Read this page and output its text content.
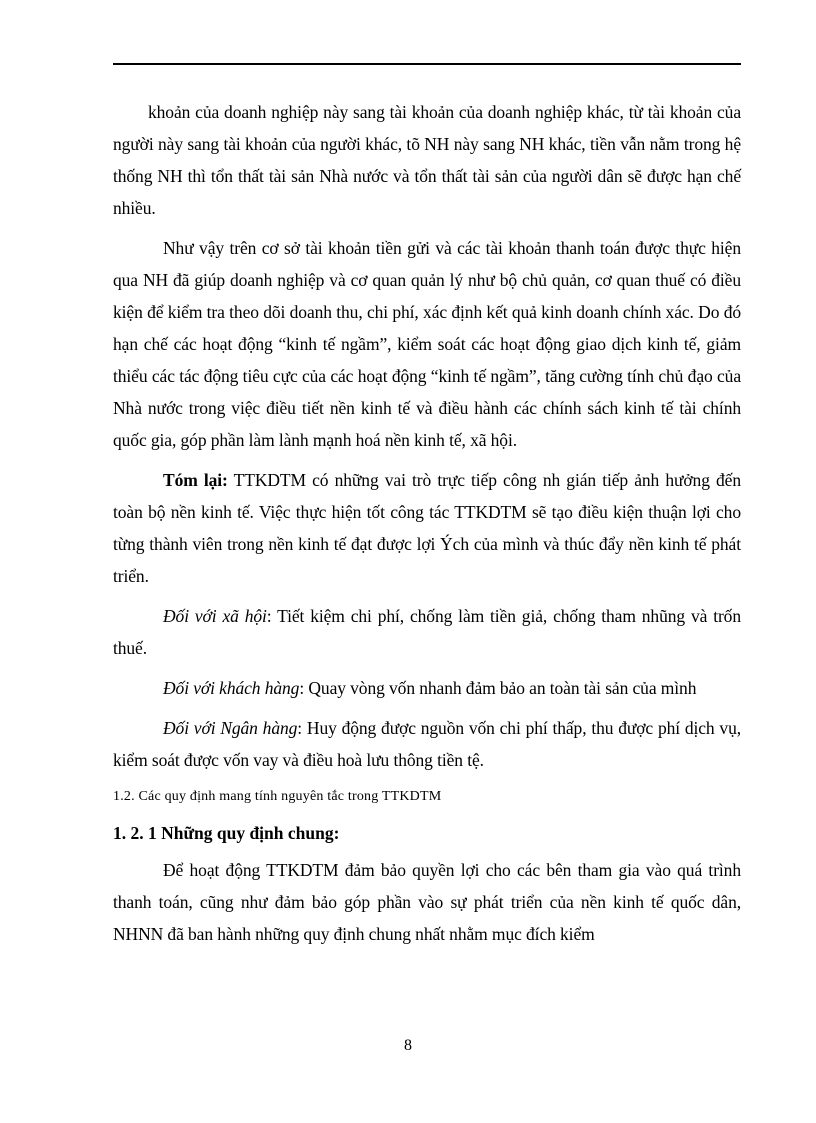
khoản của doanh nghiệp này sang tài khoản của doanh nghiệp khác, từ tài khoản của người này sang tài khoản của người khác, tõ NH này sang NH khác, tiền vẫn nằm trong hệ thống NH thì tổn thất tài sản Nhà nước và tổn thất tài sản của người dân sẽ được hạn chế nhiều.

Như vậy trên cơ sở tài khoản tiền gửi và các tài khoản thanh toán được thực hiện qua NH đã giúp doanh nghiệp và cơ quan quản lý như bộ chủ quản, cơ quan thuế có điều kiện để kiểm tra theo dõi doanh thu, chi phí, xác định kết quả kinh doanh chính xác. Do đó hạn chế các hoạt động “kinh tế ngầm”, kiểm soát các hoạt động giao dịch kinh tế, giảm thiểu các tác động tiêu cực của các hoạt động “kinh tế ngầm”, tăng cường tính chủ đạo của Nhà nước trong việc điều tiết nền kinh tế và điều hành các chính sách kinh tế tài chính quốc gia, góp phần làm lành mạnh hoá nền kinh tế, xã hội.

Tóm lại: TTKDTM có những vai trò trực tiếp công nh gián tiếp ảnh hưởng đến toàn bộ nền kinh tế. Việc thực hiện tốt công tác TTKDTM sẽ tạo điều kiện thuận lợi cho từng thành viên trong nền kinh tế đạt được lợi Ých của mình và thúc đẩy nền kinh tế phát triển.

Đối với xã hội: Tiết kiệm chi phí, chống làm tiền giả, chống tham nhũng và trốn thuế.

Đối với khách hàng: Quay vòng vốn nhanh đảm bảo an toàn tài sản của mình

Đối với Ngân hàng: Huy động được nguồn vốn chi phí thấp, thu được phí dịch vụ, kiểm soát được vốn vay và điều hoà lưu thông tiền tệ.

1.2. Các quy định mang tính nguyên tắc trong TTKDTM
1. 2. 1 Những quy định chung:

Để hoạt động TTKDTM đảm bảo quyền lợi cho các bên tham gia vào quá trình thanh toán, cũng như đảm bảo góp phần vào sự phát triển của nền kinh tế quốc dân, NHNN đã ban hành những quy định chung nhất nhằm mục đích kiểm

8
